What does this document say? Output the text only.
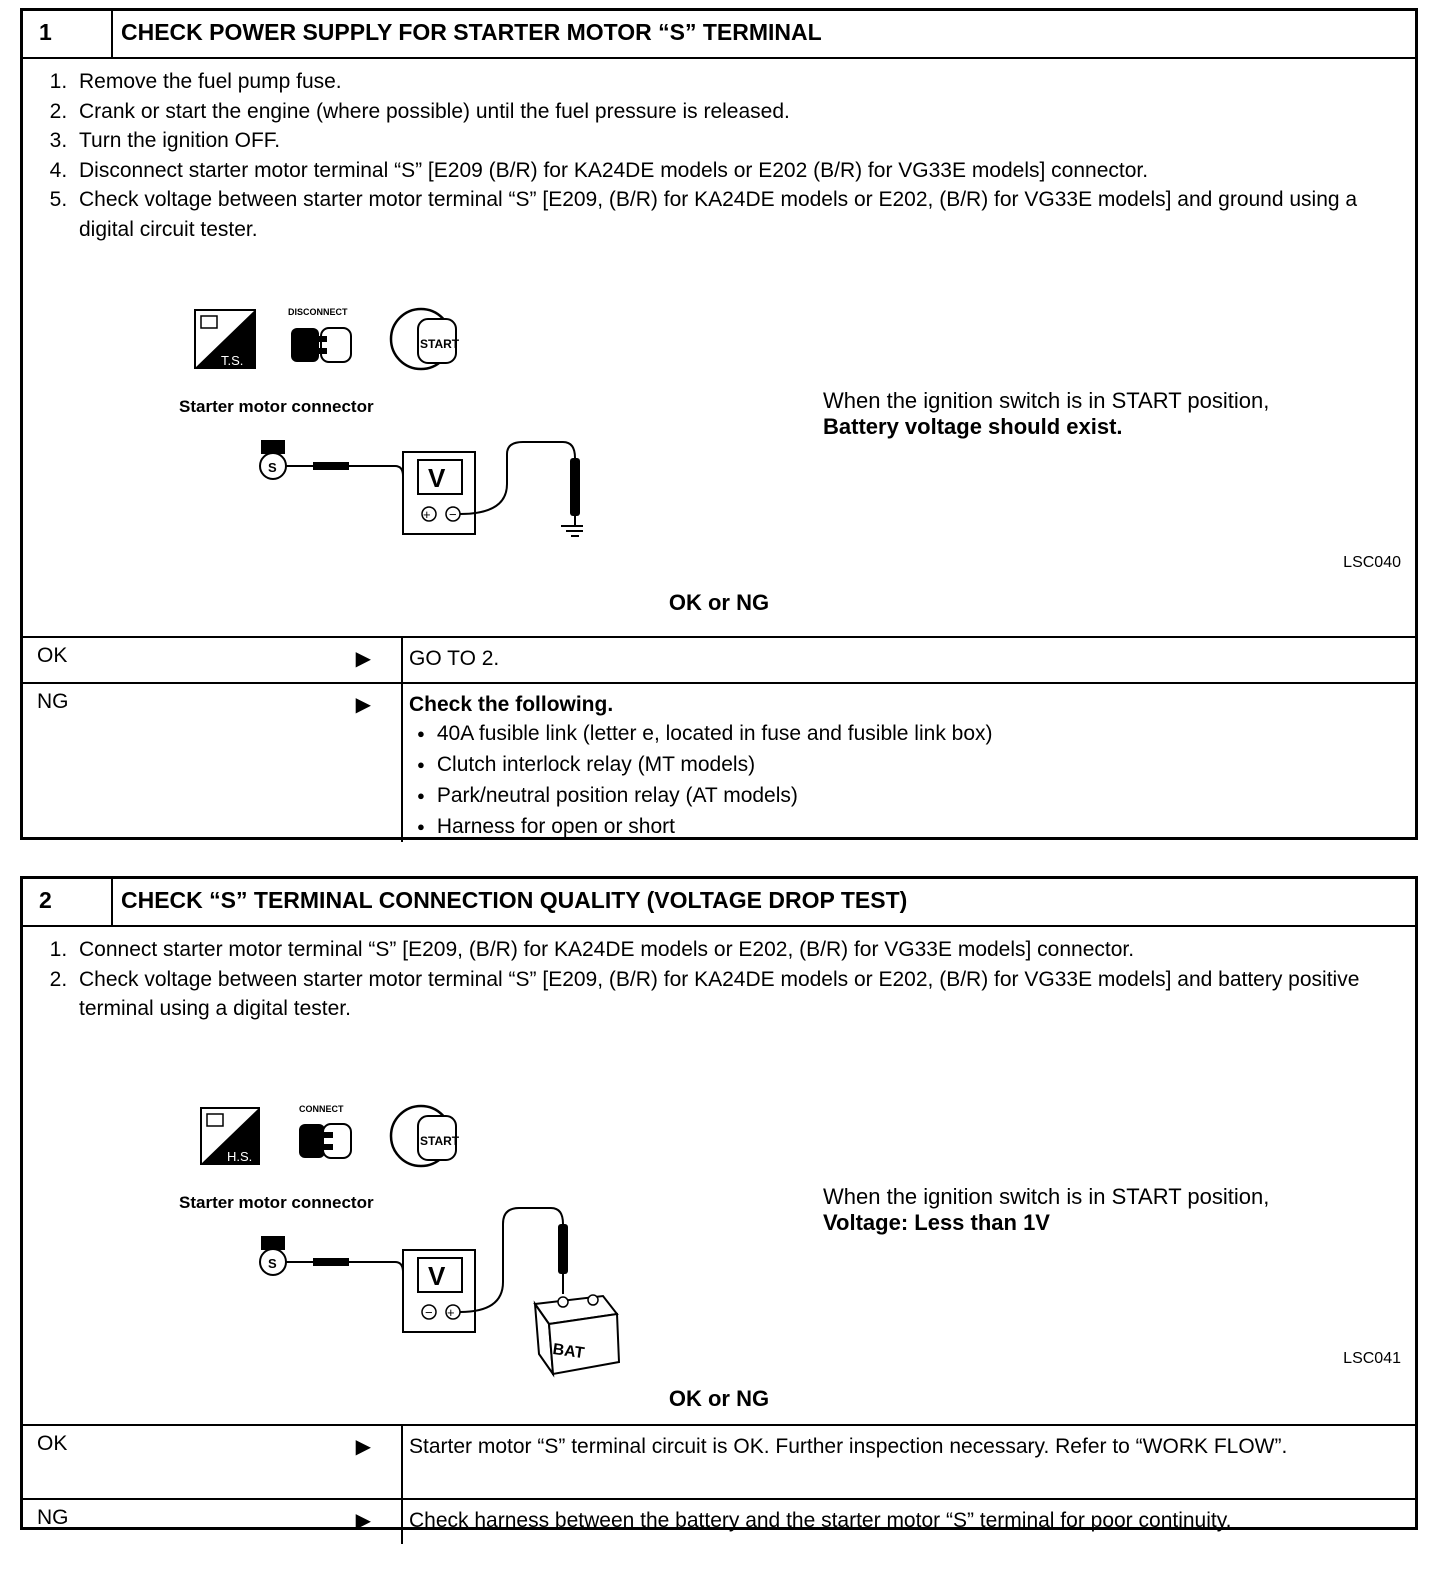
1	CHECK POWER SUPPLY FOR STARTER MOTOR “S” TERMINAL
1. Remove the fuel pump fuse.
2. Crank or start the engine (where possible) until the fuel pressure is released.
3. Turn the ignition OFF.
4. Disconnect starter motor terminal “S” [E209 (B/R) for KA24DE models or E202 (B/R) for VG33E models] connector.
5. Check voltage between starter motor terminal “S” [E209, (B/R) for KA24DE models or E202, (B/R) for VG33E models] and ground using a digital circuit tester.
T.S.
DISCONNECT
START
Starter motor connector
S	V
+ −
When the ignition switch is in START position,
Battery voltage should exist.
LSC040
OK or NG
OK	▶ GO TO 2.
NG	▶ Check the following.
● 40A fusible link (letter e, located in fuse and fusible link box)
● Clutch interlock relay (MT models)
● Park/neutral position relay (AT models)
● Harness for open or short
2	CHECK “S” TERMINAL CONNECTION QUALITY (VOLTAGE DROP TEST)
1. Connect starter motor terminal “S” [E209, (B/R) for KA24DE models or E202, (B/R) for VG33E models] connector.
2. Check voltage between starter motor terminal “S” [E209, (B/R) for KA24DE models or E202, (B/R) for VG33E models] and battery positive terminal using a digital tester.
H.S.
CONNECT
START
Starter motor connector
S	V
− +
BAT
When the ignition switch is in START position,
Voltage: Less than 1V
LSC041
OK or NG
OK	▶ Starter motor “S” terminal circuit is OK. Further inspection necessary. Refer to “WORK FLOW”.
NG	▶ Check harness between the battery and the starter motor “S” terminal for poor continuity.
